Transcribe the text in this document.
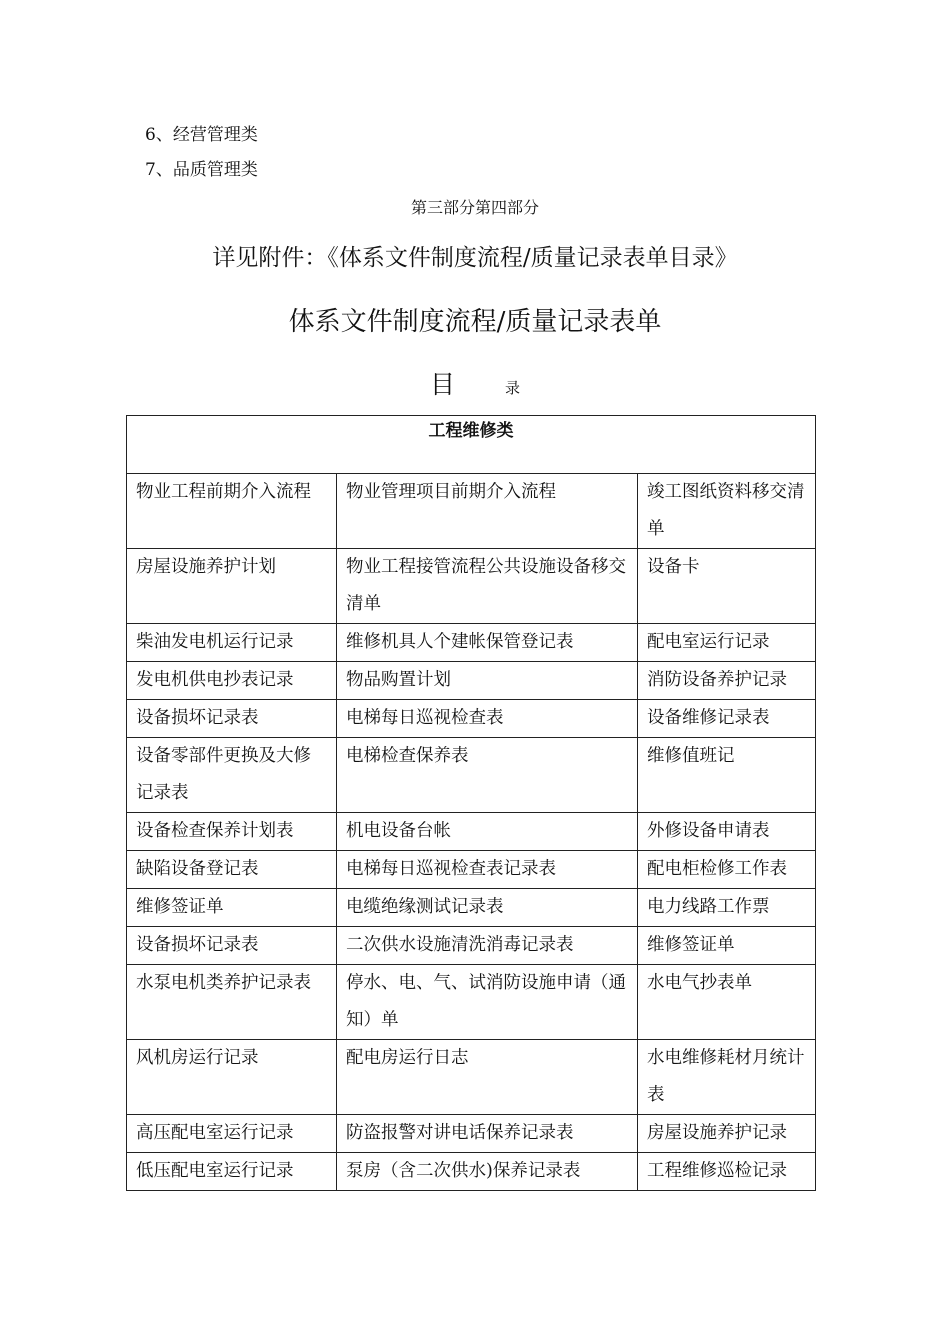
6、经营管理类
7、品质管理类
第三部分第四部分
详见附件：《体系文件制度流程/质量记录表单目录》
体系文件制度流程/质量记录表单
目	录
工程维修类		
物业工程前期介入流程	物业管理项目前期介入流程	竣工图纸资料移交清单
房屋设施养护计划	物业工程接管流程公共设施设备移交清单	设备卡
柴油发电机运行记录	维修机具人个建帐保管登记表	配电室运行记录
发电机供电抄表记录	物品购置计划	消防设备养护记录
设备损坏记录表	电梯每日巡视检查表	设备维修记录表
设备零部件更换及大修记录表	电梯检查保养表	维修值班记
设备检查保养计划表	机电设备台帐	外修设备申请表
缺陷设备登记表	电梯每日巡视检查表记录表	配电柜检修工作表
维修签证单	电缆绝缘测试记录表	电力线路工作票
设备损坏记录表	二次供水设施清洗消毒记录表	维修签证单
水泵电机类养护记录表	停水、电、气、试消防设施申请（通知）单	水电气抄表单
风机房运行记录	配电房运行日志	水电维修耗材月统计表
高压配电室运行记录	防盗报警对讲电话保养记录表	房屋设施养护记录
低压配电室运行记录	泵房（含二次供水)保养记录表	工程维修巡检记录
